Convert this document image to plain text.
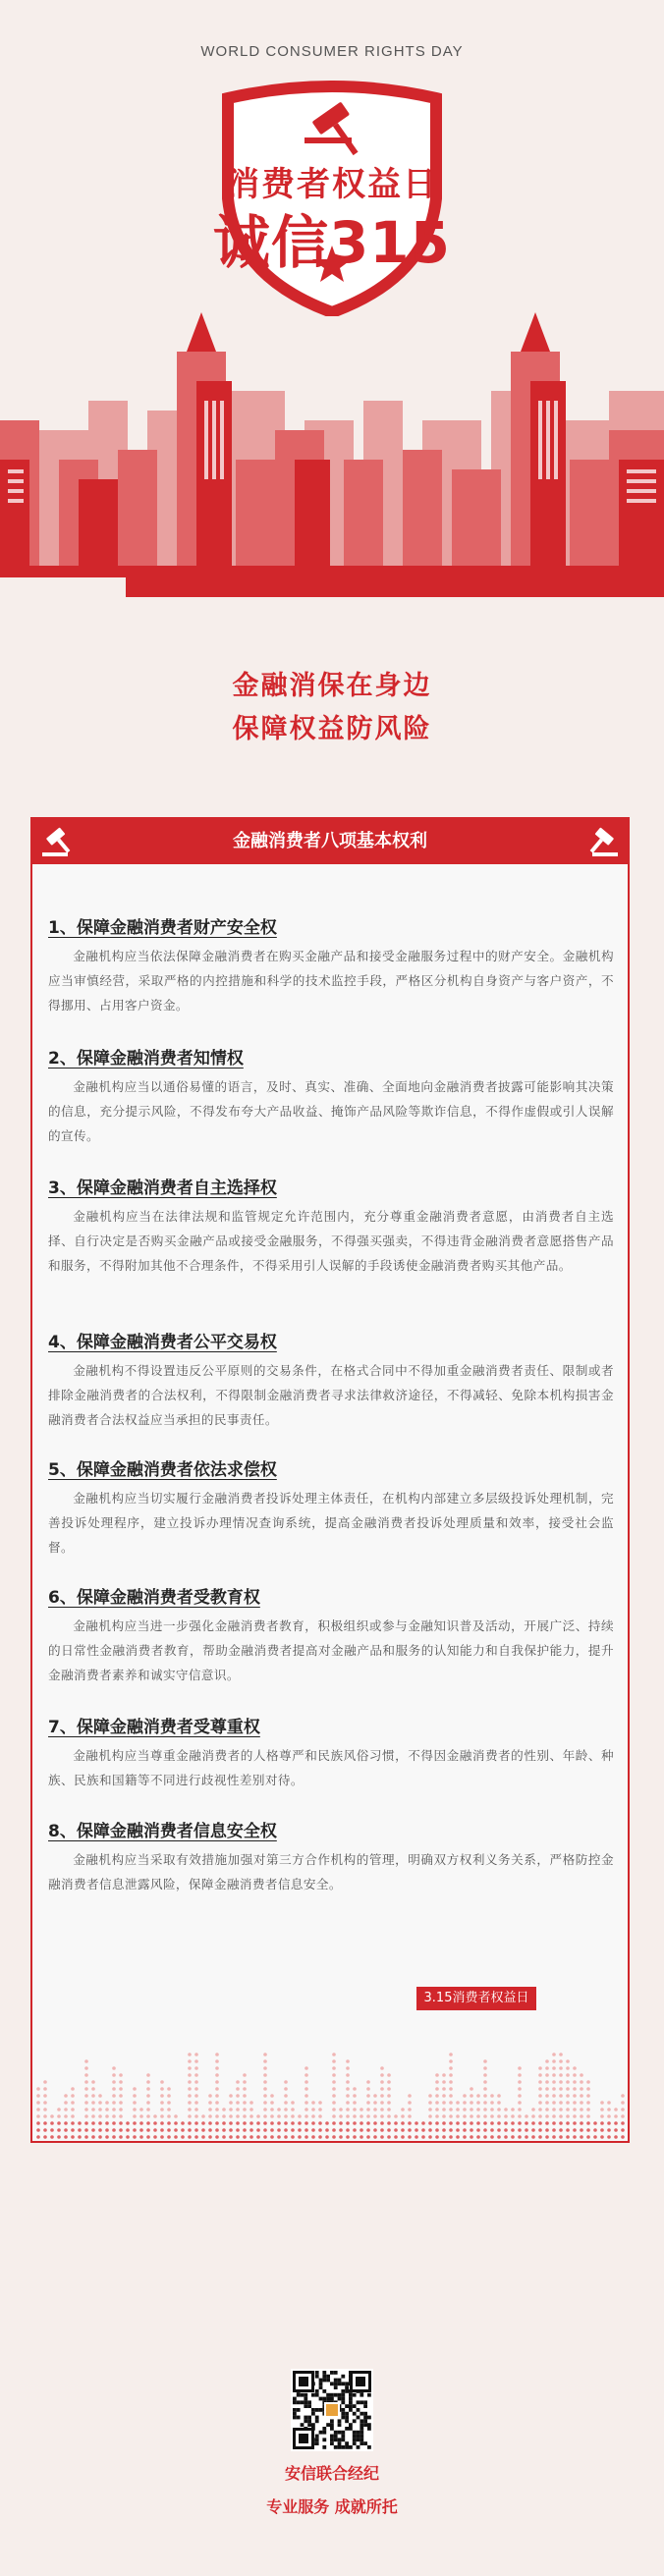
WORLD CONSUMER RIGHTS DAY
消费者权益日
诚信315
金融消保在身边
保障权益防风险
金融消费者八项基本权利
1、保障金融消费者财产安全权

金融机构应当依法保障金融消费者在购买金融产品和接受金融服务过程中的财产安全。金融机构应当审慎经营，采取严格的内控措施和科学的技术监控手段，严格区分机构自身资产与客户资产，不得挪用、占用客户资金。

2、保障金融消费者知情权

金融机构应当以通俗易懂的语言，及时、真实、准确、全面地向金融消费者披露可能影响其决策的信息，充分提示风险，不得发布夸大产品收益、掩饰产品风险等欺诈信息，不得作虚假或引人误解的宣传。

3、保障金融消费者自主选择权

金融机构应当在法律法规和监管规定允许范围内，充分尊重金融消费者意愿，由消费者自主选择、自行决定是否购买金融产品或接受金融服务，不得强买强卖，不得违背金融消费者意愿搭售产品和服务，不得附加其他不合理条件，不得采用引人误解的手段诱使金融消费者购买其他产品。

4、保障金融消费者公平交易权

金融机构不得设置违反公平原则的交易条件，在格式合同中不得加重金融消费者责任、限制或者排除金融消费者的合法权利，不得限制金融消费者寻求法律救济途径，不得减轻、免除本机构损害金融消费者合法权益应当承担的民事责任。

5、保障金融消费者依法求偿权

金融机构应当切实履行金融消费者投诉处理主体责任，在机构内部建立多层级投诉处理机制，完善投诉处理程序，建立投诉办理情况查询系统，提高金融消费者投诉处理质量和效率，接受社会监督。

6、保障金融消费者受教育权

金融机构应当进一步强化金融消费者教育，积极组织或参与金融知识普及活动，开展广泛、持续的日常性金融消费者教育，帮助金融消费者提高对金融产品和服务的认知能力和自我保护能力，提升金融消费者素养和诚实守信意识。

7、保障金融消费者受尊重权

金融机构应当尊重金融消费者的人格尊严和民族风俗习惯，不得因金融消费者的性别、年龄、种族、民族和国籍等不同进行歧视性差别对待。

8、保障金融消费者信息安全权

金融机构应当采取有效措施加强对第三方合作机构的管理，明确双方权利义务关系，严格防控金融消费者信息泄露风险，保障金融消费者信息安全。

3.15消费者权益日
安信联合经纪
专业服务 成就所托
